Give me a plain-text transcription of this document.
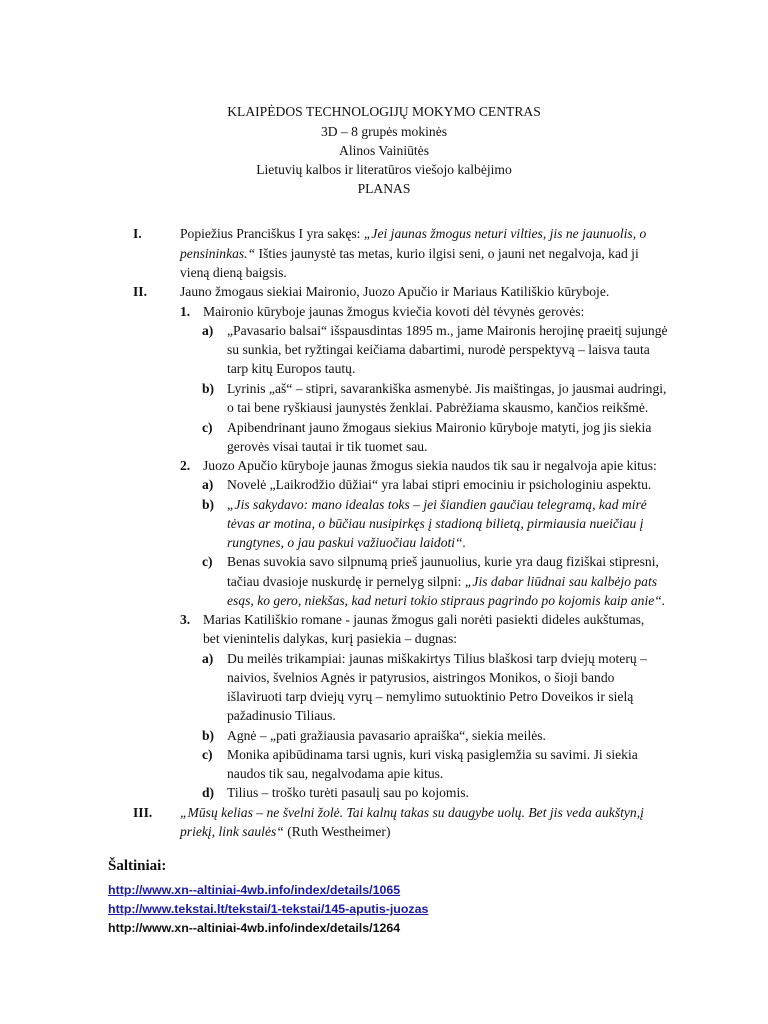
KLAIPĖDOS TECHNOLOGIJŲ MOKYMO CENTRAS
3D – 8 grupės mokinės
Alinos Vainiūtės
Lietuvių kalbos ir literatūros viešojo kalbėjimo
PLANAS
I.	Popiežius Pranciškus I yra sakęs: „Jei jaunas žmogus neturi vilties, jis ne jaunuolis, o
pensininkas.“ Išties jaunystė tas metas, kurio ilgisi seni, o jauni net negalvoja, kad ji
vieną dieną baigsis.
II. Jauno žmogaus siekiai Maironio, Juozo Apučio ir Mariaus Katiliškio kūryboje.
1. Maironio kūryboje jaunas žmogus kviečia kovoti dėl tėvynės gerovės:
a) „Pavasario balsai“ išspausdintas 1895 m., jame Maironis herojinę praeitį sujungė
su sunkia, bet ryžtingai keičiama dabartimi, nurodė perspektyvą – laisva tauta
tarp kitų Europos tautų.
b) Lyrinis „aš“ – stipri, savarankiška asmenybė. Jis maištingas, jo jausmai audringi,
o tai bene ryškiausi jaunystės ženklai. Pabrėžiama skausmo, kančios reikšmė.
c) Apibendrinant jauno žmogaus siekius Maironio kūryboje matyti, jog jis siekia
gerovės visai tautai ir tik tuomet sau.
2. Juozo Apučio kūryboje jaunas žmogus siekia naudos tik sau ir negalvoja apie kitus:
a) Novelė „Laikrodžio dūžiai“ yra labai stipri emociniu ir psichologiniu aspektu.
b) „Jis sakydavo: mano idealas toks – jei šiandien gaučiau telegramą, kad mirė
tėvas ar motina, o būčiau nusipirkęs į stadioną bilietą, pirmiausia nueičiau į
rungtynes, o jau paskui važiuočiau laidoti“.
c) Benas suvokia savo silpnumą prieš jaunuolius, kurie yra daug fiziškai stipresni,
tačiau dvasioje nuskurdę ir pernelyg silpni: „Jis dabar liūdnai sau kalbėjo pats
esąs, ko gero, niekšas, kad neturi tokio stipraus pagrindo po kojomis kaip anie“.
3. Marias Katiliškio romane - jaunas žmogus gali norėti pasiekti dideles aukštumas,
bet vienintelis dalykas, kurį pasiekia – dugnas:
a) Du meilės trikampiai: jaunas miškakirtys Tilius blaškosi tarp dviejų moterų –
naivios, švelnios Agnės ir patyrusios, aistringos Monikos, o šioji bando
išlaviruoti tarp dviejų vyrų – nemylimo sutuoktinio Petro Doveikos ir sielą
pažadinusio Tiliaus.
b) Agnė – „pati gražiausia pavasario apraiška“, siekia meilės.
c) Monika apibūdinama tarsi ugnis, kuri viską pasiglemžia su savimi. Ji siekia
naudos tik sau, negalvodama apie kitus.
d) Tilius – trоško turėti pasaulį sau po kojomis.
III. „Mūsų kelias – ne švelni žolė. Tai kalnų takas su daugybe uolų. Bet jis veda aukštyn,į
priekį, link saulės“ (Ruth Westheimer)
Šaltiniai:
http://www.xn--altiniai-4wb.info/index/details/1065
http://www.tekstai.lt/tekstai/1-tekstai/145-aputis-juozas
http://www.xn--altiniai-4wb.info/index/details/1264
